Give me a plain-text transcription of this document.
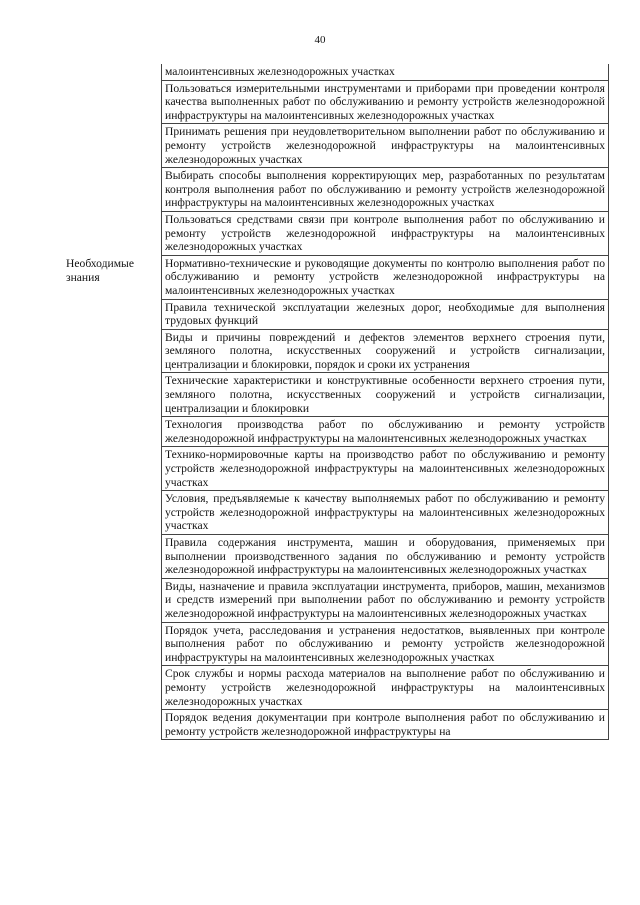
40
	малоинтенсивных железнодорожных участках
	Пользоваться измерительными инструментами и приборами при проведении контроля качества выполненных работ по обслуживанию и ремонту устройств железнодорожной инфраструктуры на малоинтенсивных железнодорожных участках
	Принимать решения при неудовлетворительном выполнении работ по обслуживанию и ремонту устройств железнодорожной инфраструктуры на малоинтенсивных железнодорожных участках
	Выбирать способы выполнения корректирующих мер, разработанных по результатам контроля выполнения работ по обслуживанию и ремонту устройств железнодорожной инфраструктуры на малоинтенсивных железнодорожных участках
	Пользоваться средствами связи при контроле выполнения работ по обслуживанию и ремонту устройств железнодорожной инфраструктуры на малоинтенсивных железнодорожных участках
Необходимые знания	Нормативно-технические и руководящие документы по контролю выполнения работ по обслуживанию и ремонту устройств железнодорожной инфраструктуры на малоинтенсивных железнодорожных участках
	Правила технической эксплуатации железных дорог, необходимые для выполнения трудовых функций
	Виды и причины повреждений и дефектов элементов верхнего строения пути, земляного полотна, искусственных сооружений и устройств сигнализации, централизации и блокировки, порядок и сроки их устранения
	Технические характеристики и конструктивные особенности верхнего строения пути, земляного полотна, искусственных сооружений и устройств сигнализации, централизации и блокировки
	Технология производства работ по обслуживанию и ремонту устройств железнодорожной инфраструктуры на малоинтенсивных железнодорожных участках
	Технико-нормировочные карты на производство работ по обслуживанию и ремонту устройств железнодорожной инфраструктуры на малоинтенсивных железнодорожных участках
	Условия, предъявляемые к качеству выполняемых работ по обслуживанию и ремонту устройств железнодорожной инфраструктуры на малоинтенсивных железнодорожных участках
	Правила содержания инструмента, машин и оборудования, применяемых при выполнении производственного задания по обслуживанию и ремонту устройств железнодорожной инфраструктуры на малоинтенсивных железнодорожных участках
	Виды, назначение и правила эксплуатации инструмента, приборов, машин, механизмов и средств измерений при выполнении работ по обслуживанию и ремонту устройств железнодорожной инфраструктуры на малоинтенсивных железнодорожных участках
	Порядок учета, расследования и устранения недостатков, выявленных при контроле выполнения работ по обслуживанию и ремонту устройств железнодорожной инфраструктуры на малоинтенсивных железнодорожных участках
	Срок службы и нормы расхода материалов на выполнение работ по обслуживанию и ремонту устройств железнодорожной инфраструктуры на малоинтенсивных железнодорожных участках
	Порядок ведения документации при контроле выполнения работ по обслуживанию и ремонту устройств железнодорожной инфраструктуры на
